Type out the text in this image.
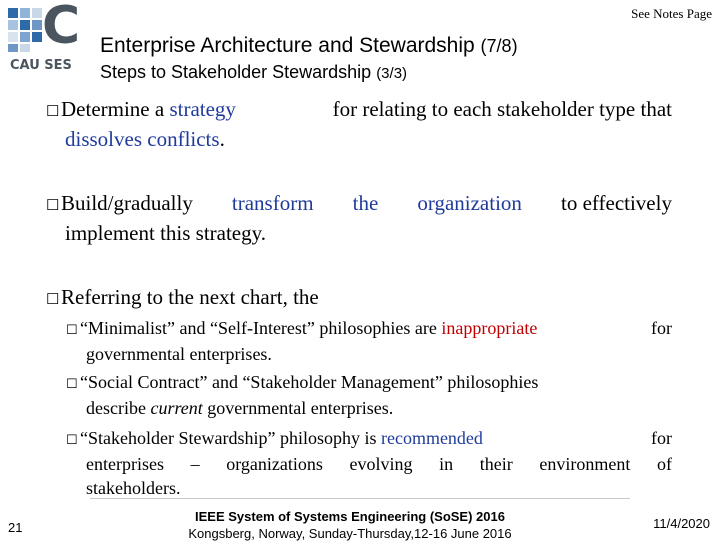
See Notes Page
C
CAU SES
Enterprise Architecture and Stewardship (7/8)
Steps to Stakeholder Stewardship (3/3)
☐Determine a strategy	for relating to each stakeholder type that
dissolves conflicts.
☐Build/gradually transform the organization to effectively
implement this strategy.
☐Referring to the next chart, the
☐ “Minimalist” and “Self-Interest” philosophies are inappropriate	for
governmental enterprises.
☐ “Social Contract” and “Stakeholder Management” philosophies
describe current governmental enterprises.
☐ “Stakeholder Stewardship” philosophy is recommended	for
enterprises – organizations evolving in their environment of
stakeholders.
21
IEEE System of Systems Engineering (SoSE) 2016
Kongsberg, Norway, Sunday-Thursday,12-16 June 2016
11/4/2020
